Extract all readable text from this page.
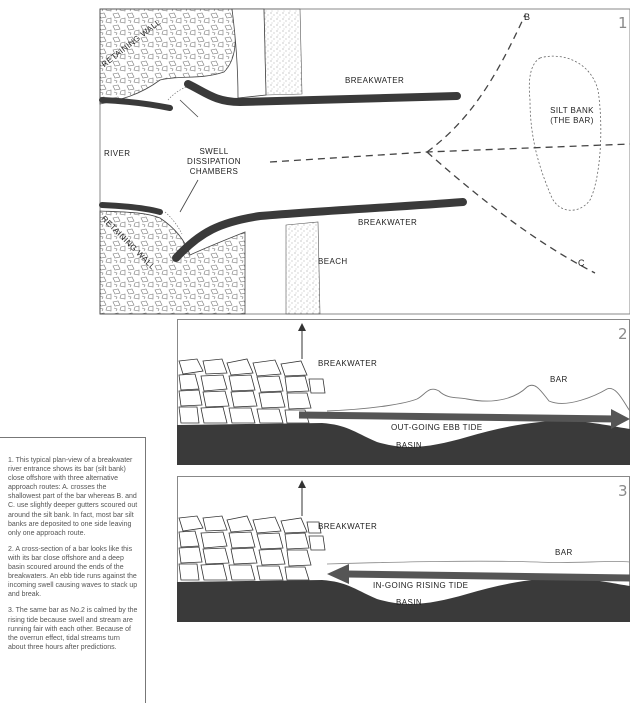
1
BREAKWATER
BREAKWATER
RETAINING WALL
RETAINING WALL
RIVER	SWELL
DISSIPATION
CHAMBERS
SILT BANK
(THE BAR)
BEACH
B
C
2
BREAKWATER
BAR
OUT-GOING EBB TIDE
BASIN
3
BREAKWATER
BAR
IN-GOING RISING TIDE
BASIN

1. This typical plan-view of a breakwater river entrance shows its bar (silt bank) close offshore with three alternative approach routes: A. crosses the shallowest part of the bar whereas B. and C. use slightly deeper gutters scoured out around the silt bank. In fact, most bar silt banks are deposited to one side leaving only one approach route.

2. A cross-section of a bar looks like this with its bar close offshore and a deep basin scoured around the ends of the breakwaters. An ebb tide runs against the incoming swell causing waves to stack up and break.

3. The same bar as No.2 is calmed by the rising tide because swell and stream are running fair with each other. Because of the overrun effect, tidal streams turn about three hours after predictions.
